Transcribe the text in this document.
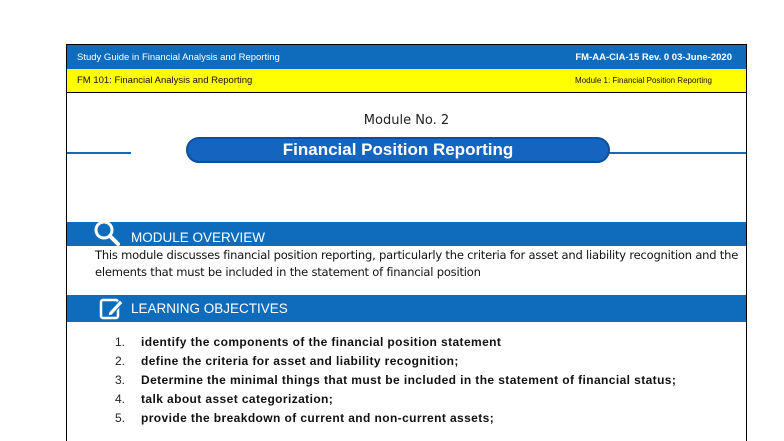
Study Guide in Financial Analysis and Reporting	FM-AA-CIA-15 Rev. 0 03-June-2020
FM 101: Financial Analysis and Reporting	Module 1: Financial Position Reporting
Module No. 2
Financial Position Reporting
MODULE OVERVIEW
This module discusses financial position reporting, particularly the criteria for asset and liability recognition and the elements that must be included in the statement of financial position
LEARNING OBJECTIVES
1.	identify the components of the financial position statement
2.	define the criteria for asset and liability recognition;
3.	Determine the minimal things that must be included in the statement of financial status;
4.	talk about asset categorization;
5.	provide the breakdown of current and non-current assets;
